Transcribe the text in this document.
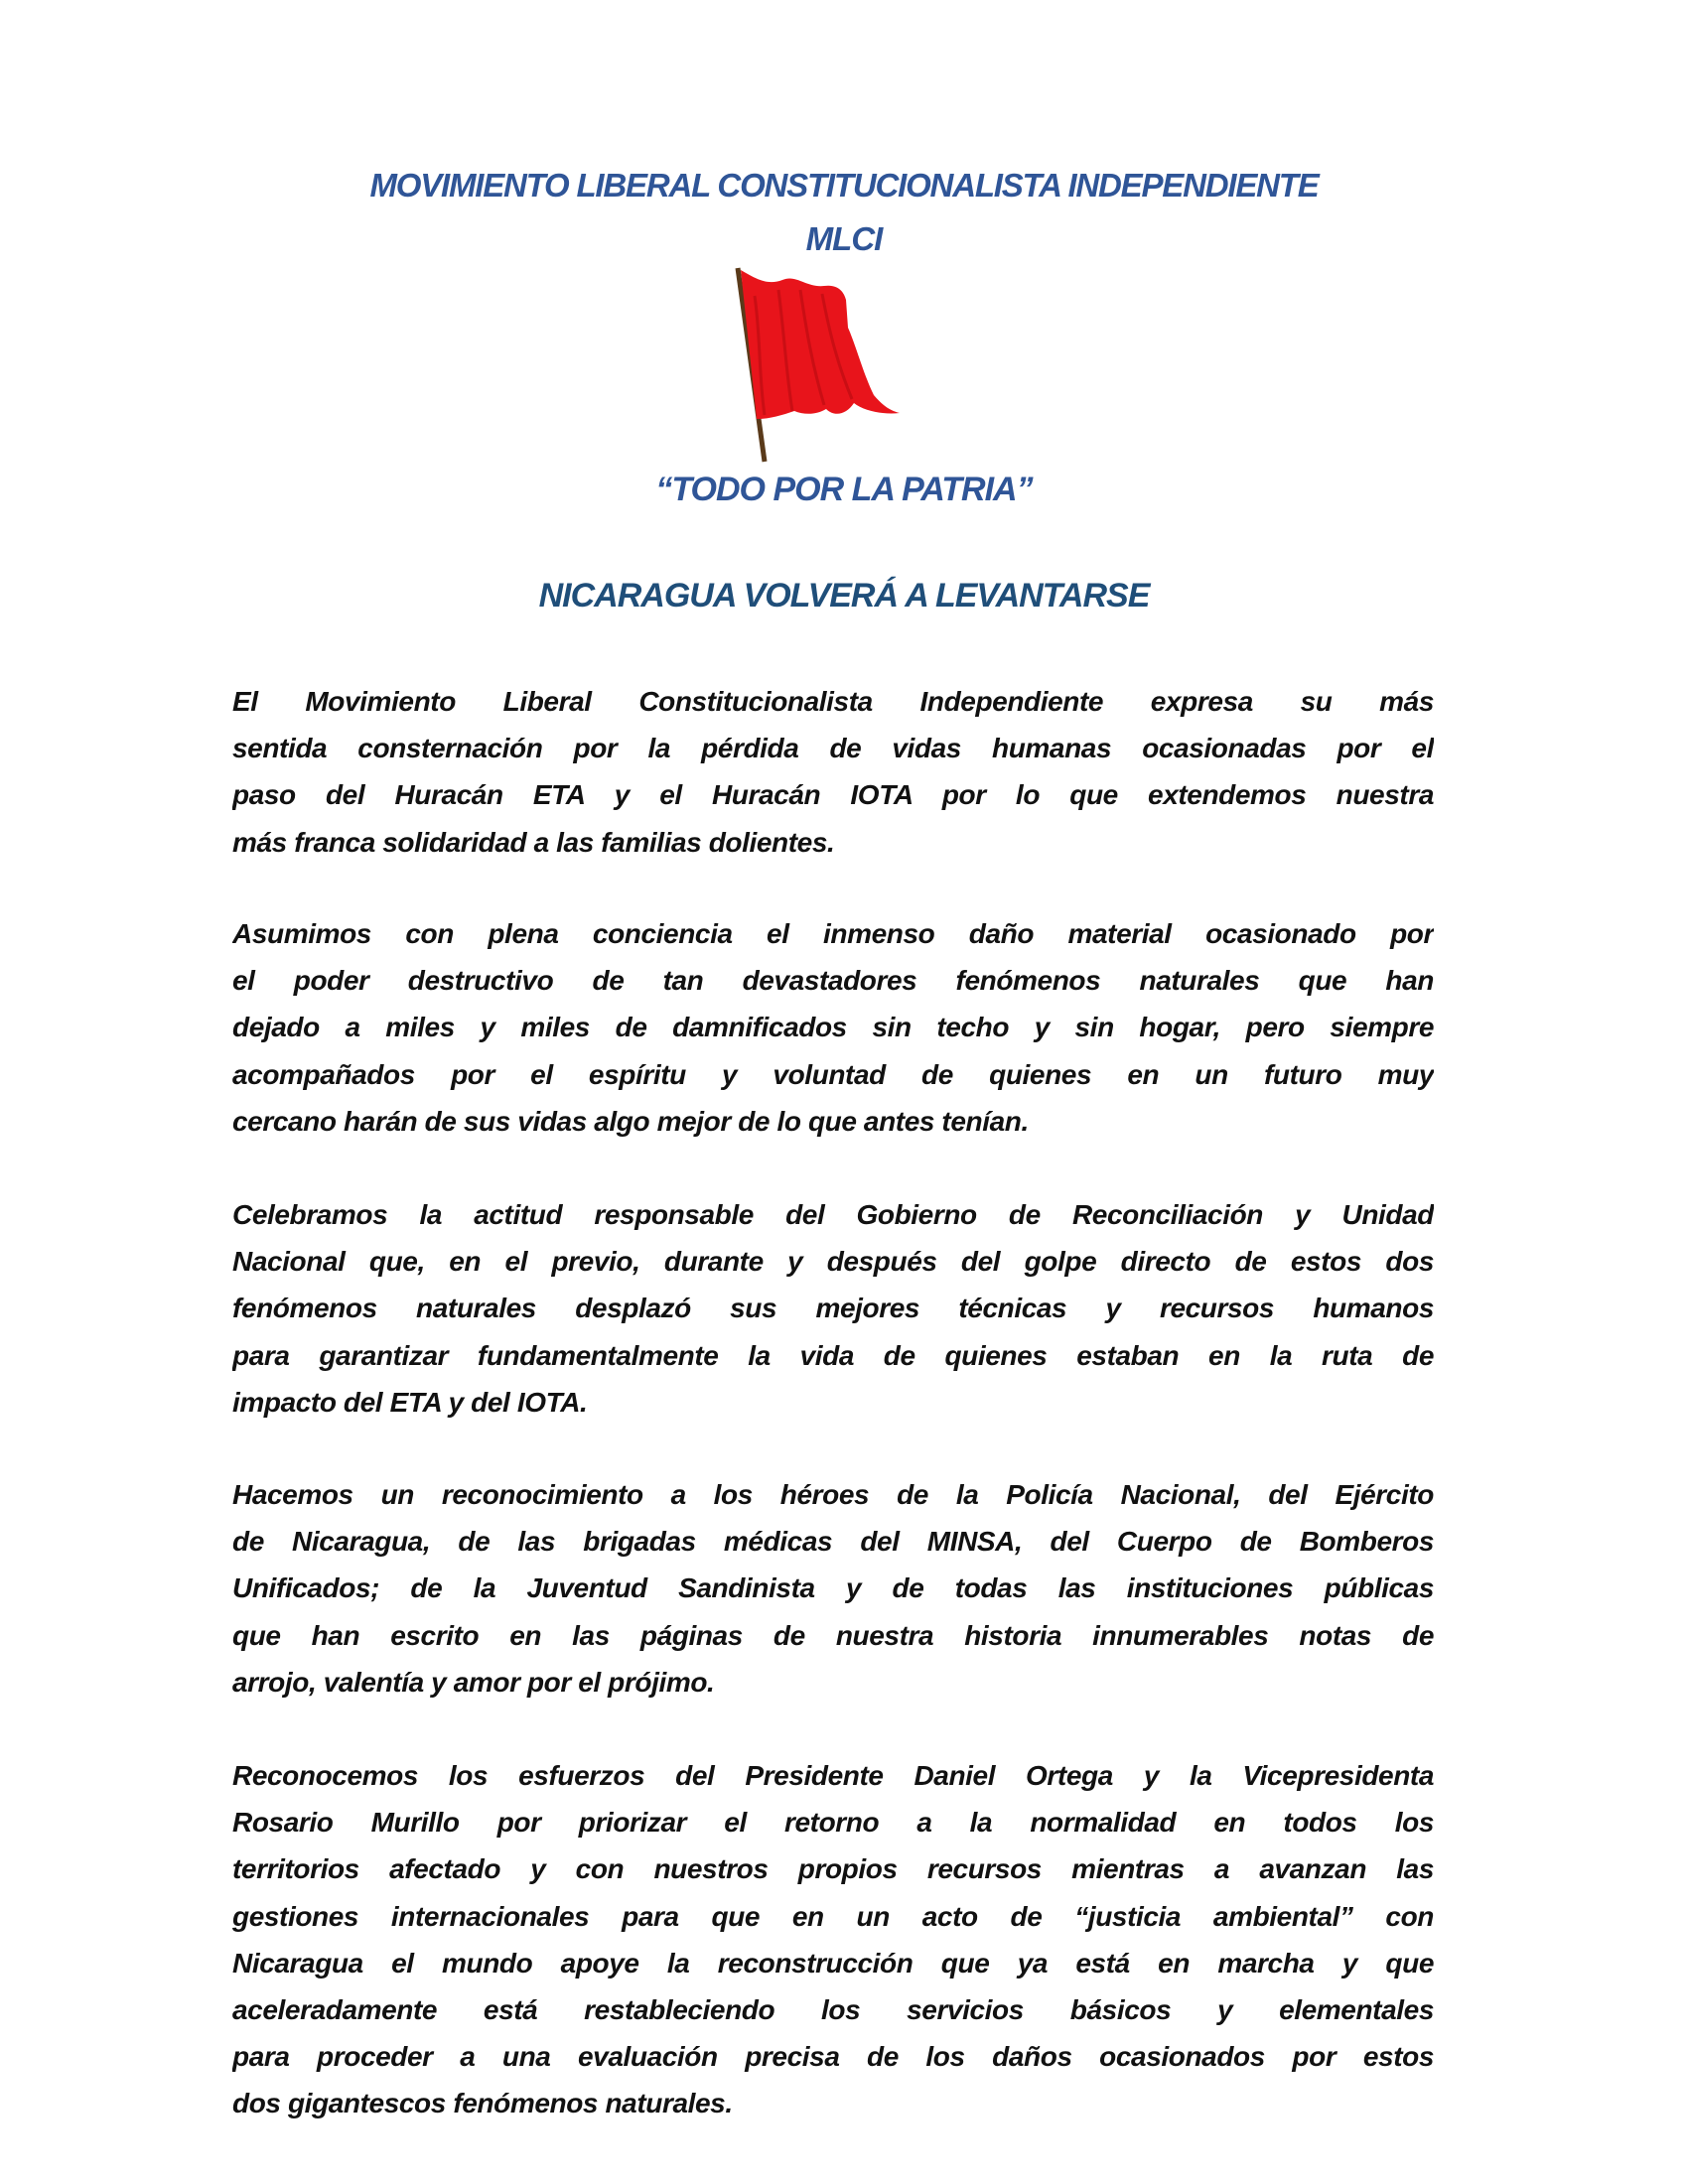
MOVIMIENTO LIBERAL CONSTITUCIONALISTA INDEPENDIENTE
MLCI
“TODO POR LA PATRIA”
NICARAGUA VOLVERÁ A LEVANTARSE
El Movimiento Liberal Constitucionalista Independiente expresa su más
sentida consternación por la pérdida de vidas humanas ocasionadas por el
paso del Huracán ETA y el Huracán IOTA por lo que extendemos nuestra
más franca solidaridad a las familias dolientes.
Asumimos con plena conciencia el inmenso daño material ocasionado por
el poder destructivo de tan devastadores fenómenos naturales que han
dejado a miles y miles de damnificados sin techo y sin hogar, pero siempre
acompañados por el espíritu y voluntad de quienes en un futuro muy
cercano harán de sus vidas algo mejor de lo que antes tenían.
Celebramos la actitud responsable del Gobierno de Reconciliación y Unidad
Nacional que, en el previo, durante y después del golpe directo de estos dos
fenómenos naturales desplazó sus mejores técnicas y recursos humanos
para garantizar fundamentalmente la vida de quienes estaban en la ruta de
impacto del ETA y del IOTA.
Hacemos un reconocimiento a los héroes de la Policía Nacional, del Ejército
de Nicaragua, de las brigadas médicas del MINSA, del Cuerpo de Bomberos
Unificados; de la Juventud Sandinista y de todas las instituciones públicas
que han escrito en las páginas de nuestra historia innumerables notas de
arrojo, valentía y amor por el prójimo.
Reconocemos los esfuerzos del Presidente Daniel Ortega y la Vicepresidenta
Rosario Murillo por priorizar el retorno a la normalidad en todos los
territorios afectado y con nuestros propios recursos mientras a avanzan las
gestiones internacionales para que en un acto de “justicia ambiental” con
Nicaragua el mundo apoye la reconstrucción que ya está en marcha y que
aceleradamente está restableciendo los servicios básicos y elementales
para proceder a una evaluación precisa de los daños ocasionados por estos
dos gigantescos fenómenos naturales.
